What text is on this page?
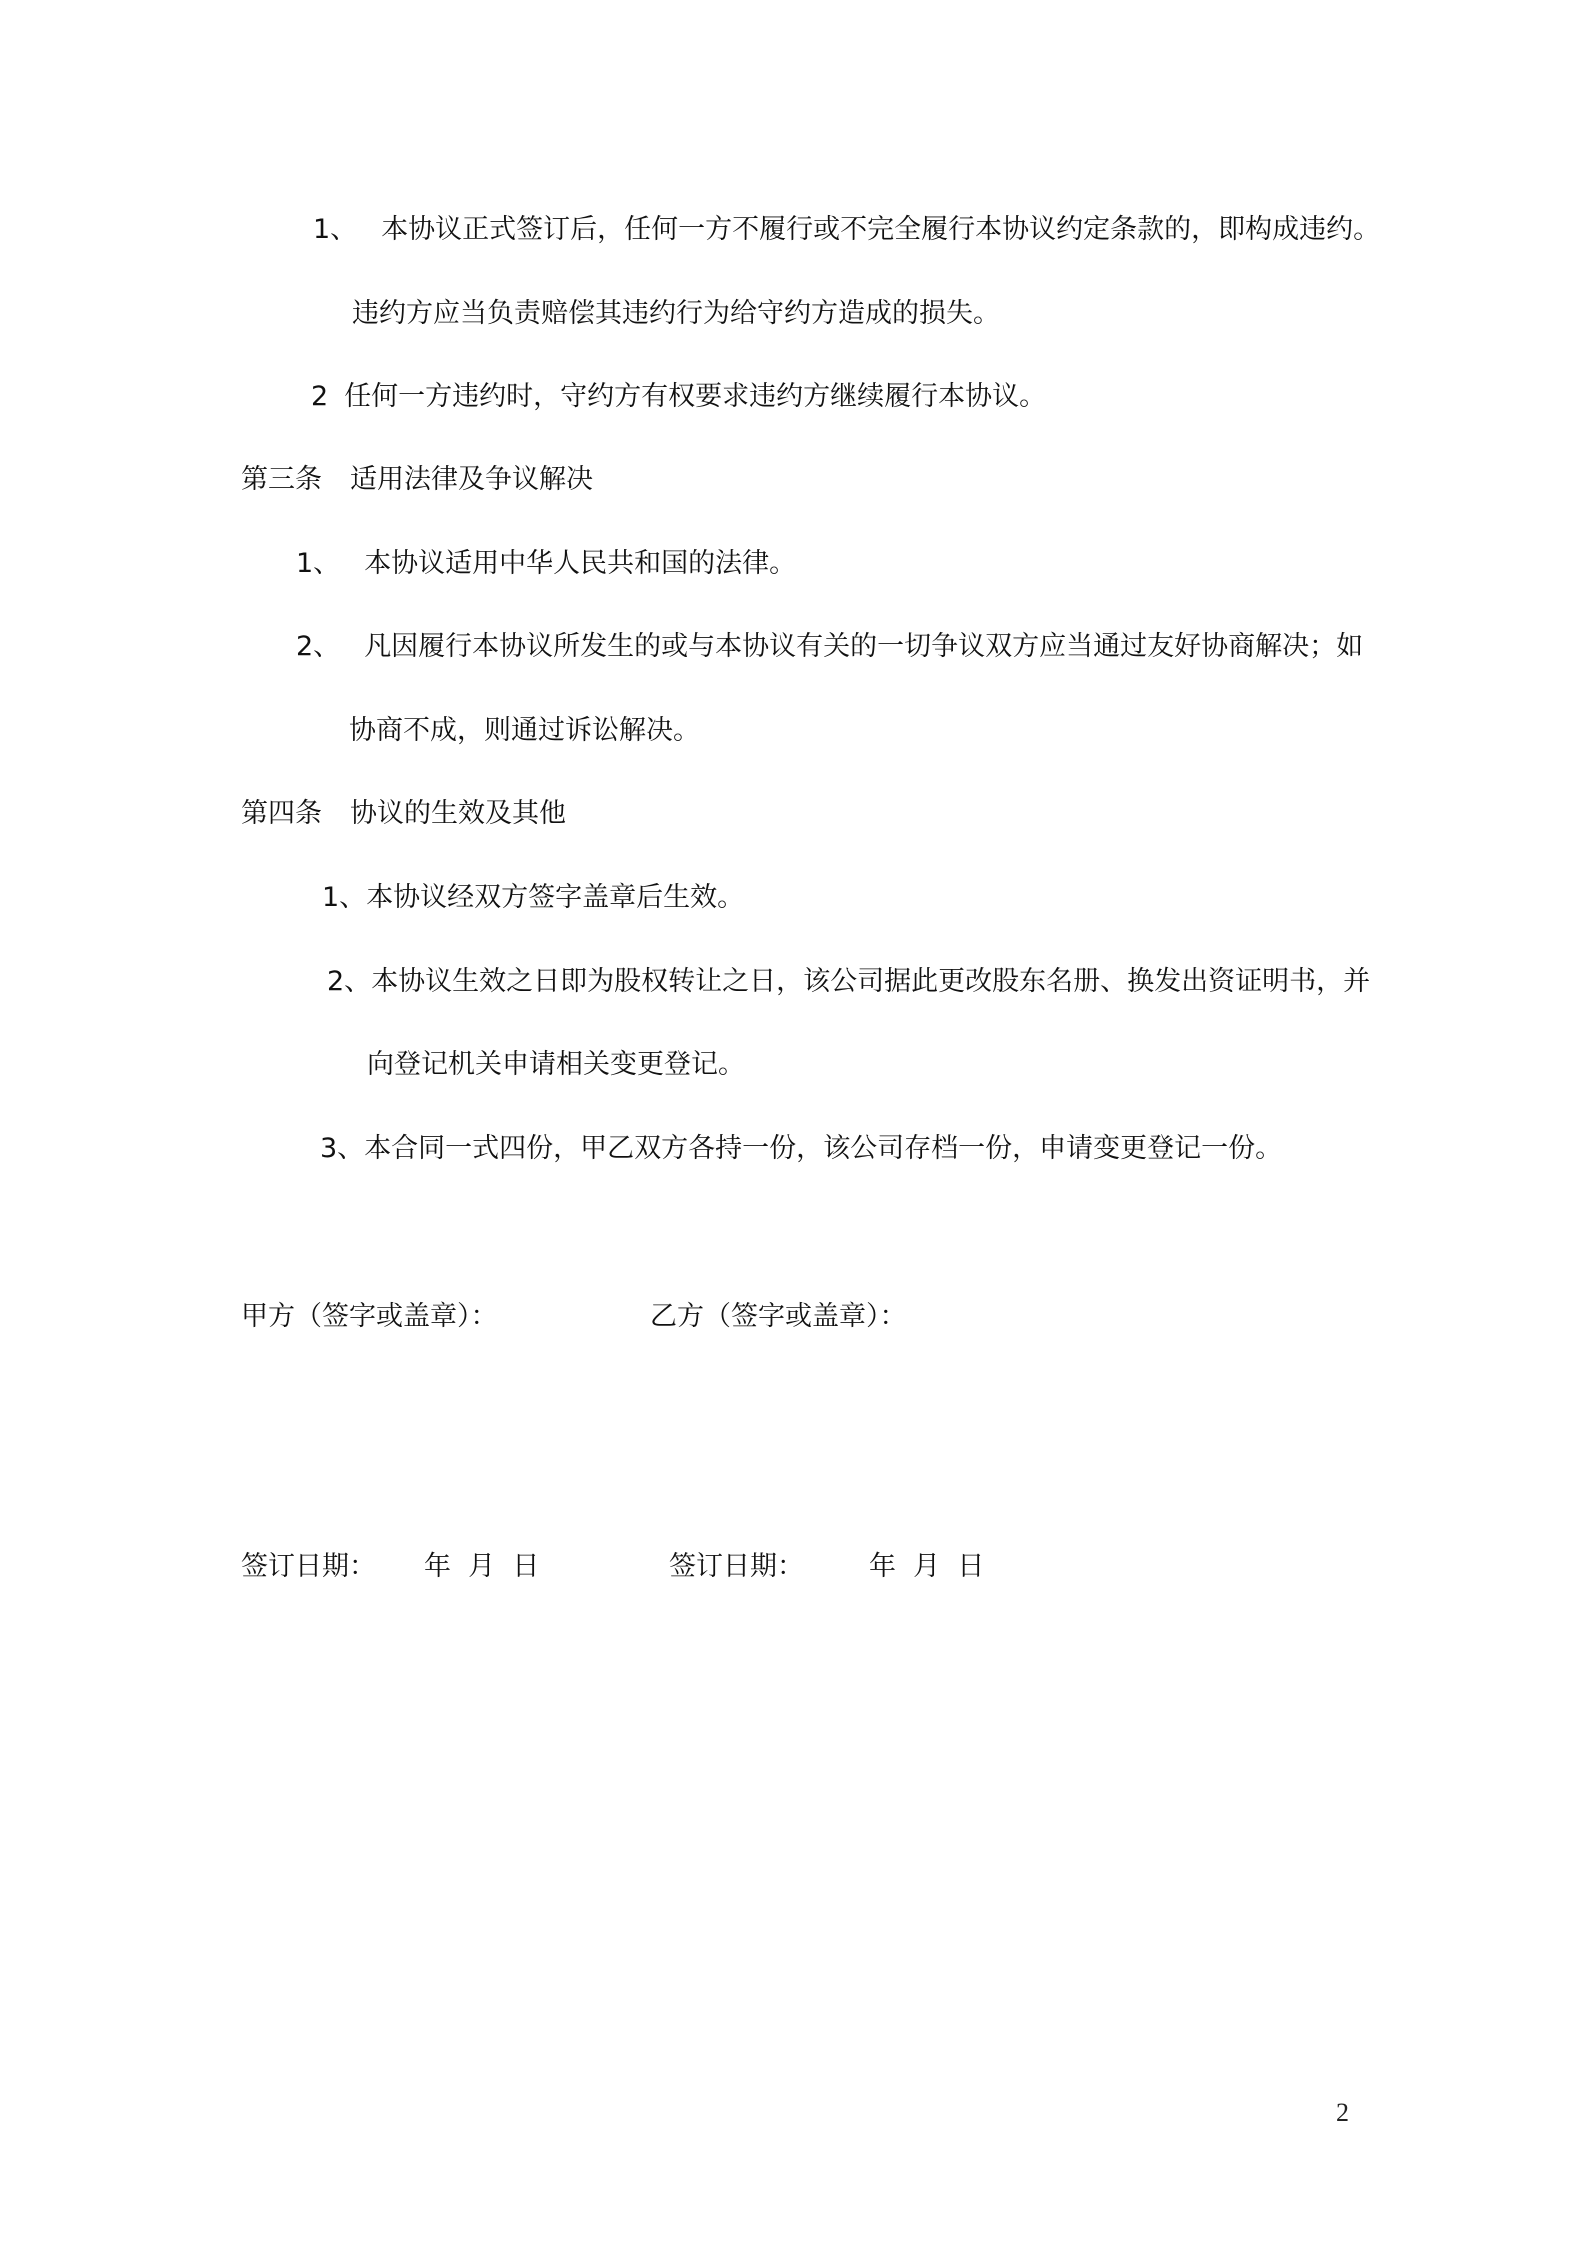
1、 本协议正式签订后，任何一方不履行或不完全履行本协议约定条款的，即构成违约。
违约方应当负责赔偿其违约行为给守约方造成的损失。
2 任何一方违约时，守约方有权要求违约方继续履行本协议。
第三条 适用法律及争议解决
1、 本协议适用中华人民共和国的法律。
2、 凡因履行本协议所发生的或与本协议有关的一切争议双方应当通过友好协商解决；如
协商不成，则通过诉讼解决。
第四条 协议的生效及其他
1、本协议经双方签字盖章后生效。
2、本协议生效之日即为股权转让之日，该公司据此更改股东名册、换发出资证明书，并
向登记机关申请相关变更登记。
3、本合同一式四份，甲乙双方各持一份，该公司存档一份，申请变更登记一份。
甲方（签字或盖章）：	乙方（签字或盖章）：
签订日期： 年  月  日	签订日期： 年  月  日
2
